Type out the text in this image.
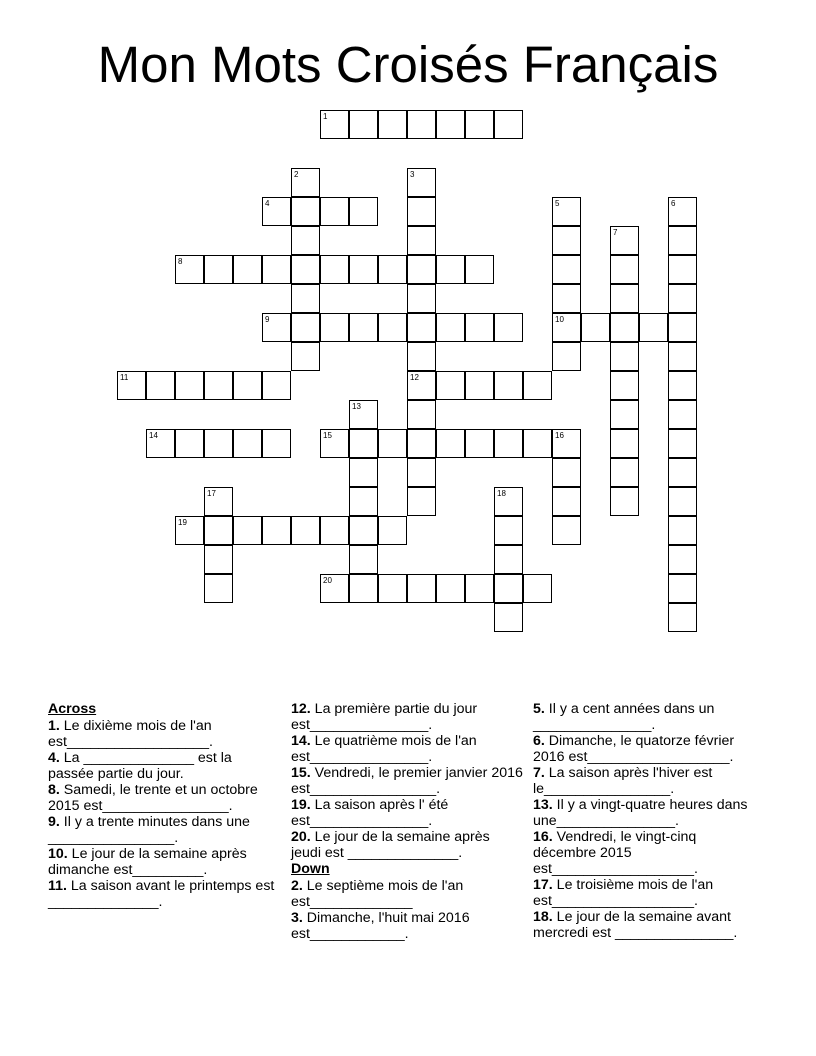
Mon Mots Croisés Français
1
2	3
12
4	5
10
6
7
8
9
11
13
14	15	16
17	18
19
20
Across
1. Le dixième mois de l'an est__________________.
4. La ______________ est la passée partie du jour.
8. Samedi, le trente et un octobre 2015 est________________.
9. Il y a trente minutes dans une ________________.
10. Le jour de la semaine après dimanche est_________.
11. La saison avant le printemps est ______________.
12. La première partie du jour est_______________.
14. Le quatrième mois de l'an est_______________.
15. Vendredi, le premier janvier 2016 est________________.
19. La saison après l' été est_______________.
20. Le jour de la semaine après jeudi est ______________.
Down
2. Le septième mois de l'an est_____________
3. Dimanche, l'huit mai 2016 est____________.
5. Il y a cent années dans un _______________.
6. Dimanche, le quatorze février 2016 est__________________.
7. La saison après l'hiver est le________________.
13. Il y a vingt-quatre heures dans une_______________.
16. Vendredi, le vingt-cinq décembre 2015 est__________________.
17. Le troisième mois de l'an est__________________.
18. Le jour de la semaine avant mercredi est _______________.
